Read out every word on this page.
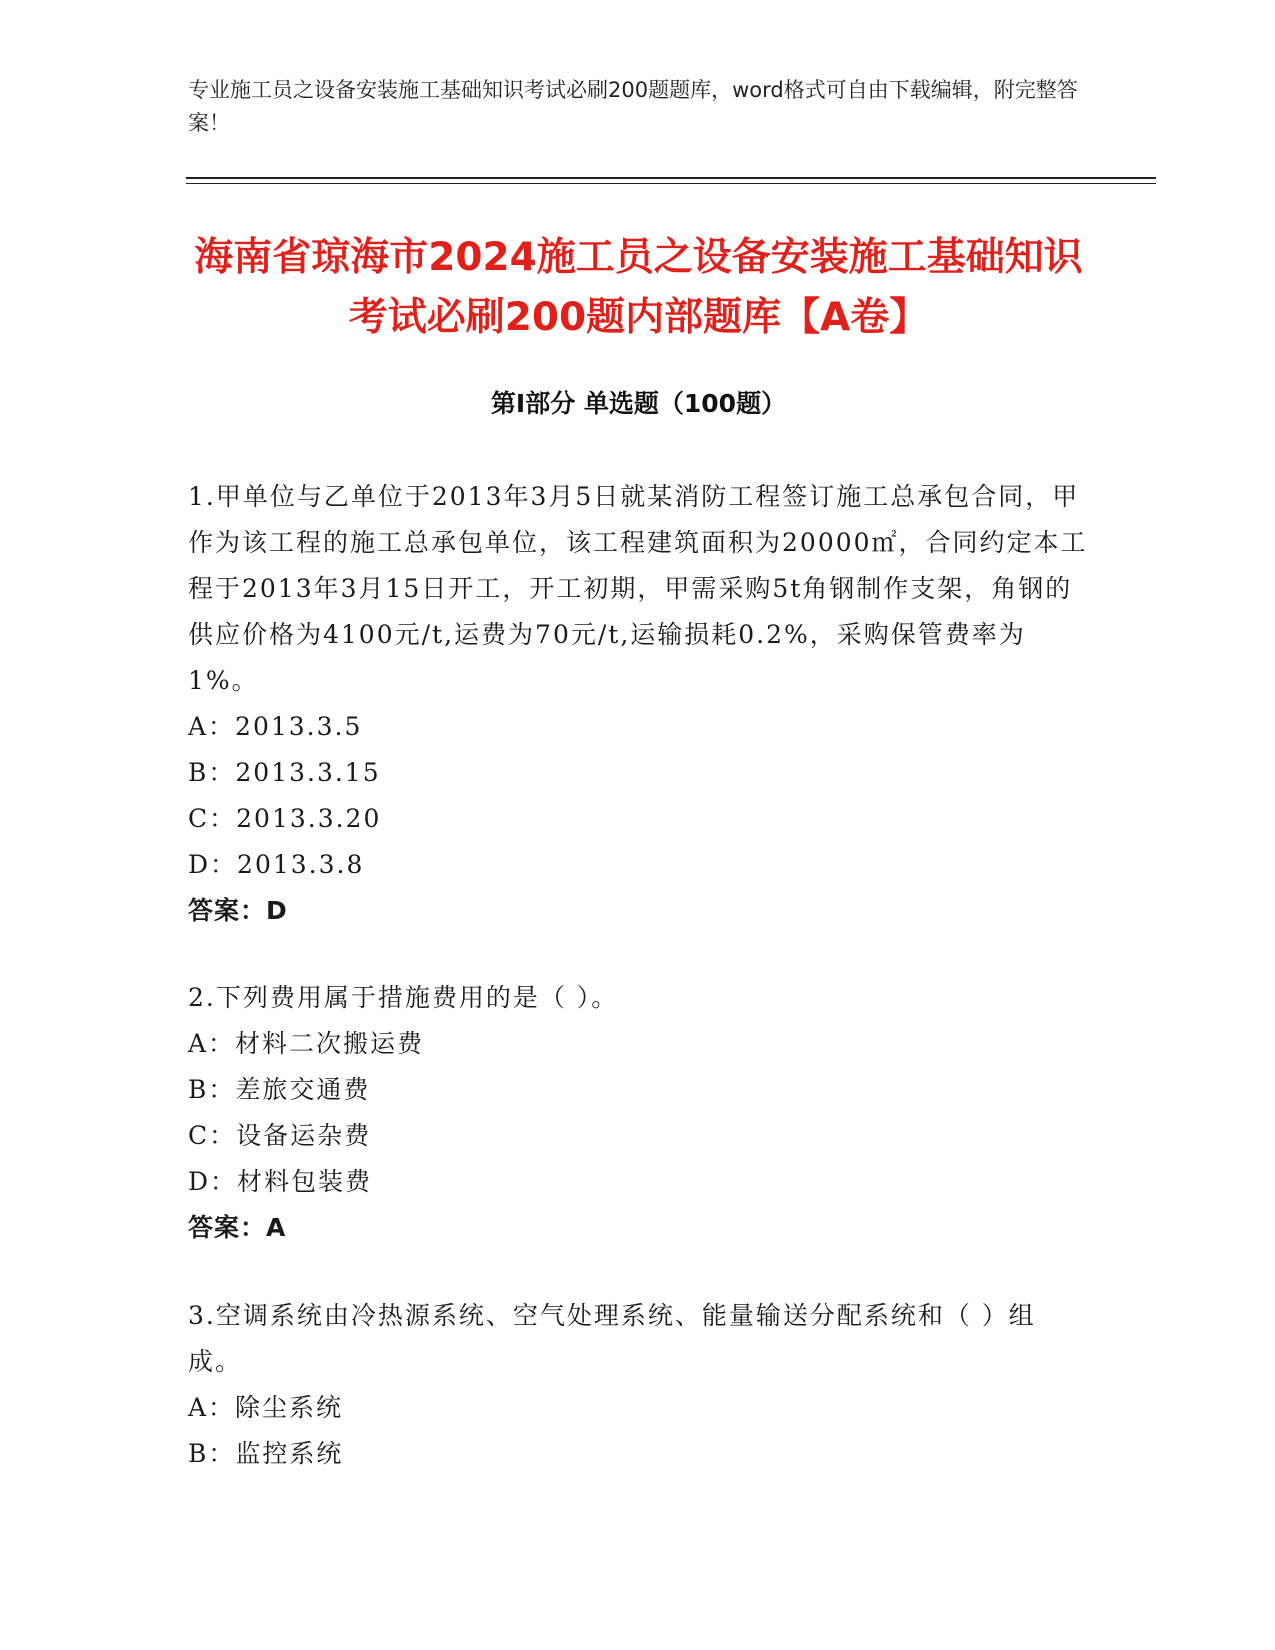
专业施工员之设备安装施工基础知识考试必刷200题题库，word格式可自由下载编辑，附完整答案！
海南省琼海市2024施工员之设备安装施工基础知识考试必刷200题内部题库【A卷】
第I部分 单选题（100题）
1.甲单位与乙单位于2013年3月5日就某消防工程签订施工总承包合同，甲作为该工程的施工总承包单位，该工程建筑面积为20000㎡，合同约定本工程于2013年3月15日开工，开工初期，甲需采购5t角钢制作支架，角钢的供应价格为4100元/t,运费为70元/t,运输损耗0.2%，采购保管费率为1%。
A：2013.3.5
B：2013.3.15
C：2013.3.20
D：2013.3.8
答案：D
2.下列费用属于措施费用的是（ ）。
A：材料二次搬运费
B：差旅交通费
C：设备运杂费
D：材料包装费
答案：A
3.空调系统由冷热源系统、空气处理系统、能量输送分配系统和（ ）组成。
A：除尘系统
B：监控系统
